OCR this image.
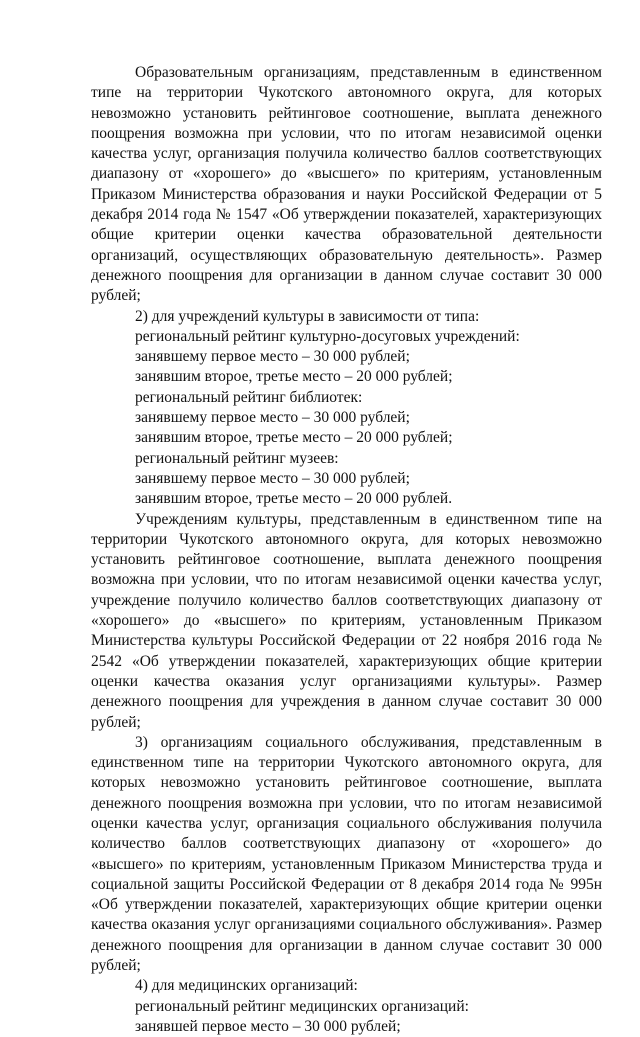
Образовательным организациям, представленным в единственном типе на территории Чукотского автономного округа, для которых невозможно установить рейтинговое соотношение, выплата денежного поощрения возможна при условии, что по итогам независимой оценки качества услуг, организация получила количество баллов соответствующих диапазону от «хорошего» до «высшего» по критериям, установленным Приказом Министерства образования и науки Российской Федерации от 5 декабря 2014 года № 1547 «Об утверждении показателей, характеризующих общие критерии оценки качества образовательной деятельности организаций, осуществляющих образовательную деятельность». Размер денежного поощрения для организации в данном случае составит 30 000 рублей;

2) для учреждений культуры в зависимости от типа:

региональный рейтинг культурно-досуговых учреждений:

занявшему первое место – 30 000 рублей;

занявшим второе, третье место – 20 000 рублей;

региональный рейтинг библиотек:

занявшему первое место – 30 000 рублей;

занявшим второе, третье место – 20 000 рублей;

региональный рейтинг музеев:

занявшему первое место – 30 000 рублей;

занявшим второе, третье место – 20 000 рублей.

Учреждениям культуры, представленным в единственном типе на территории Чукотского автономного округа, для которых невозможно установить рейтинговое соотношение, выплата денежного поощрения возможна при условии, что по итогам независимой оценки качества услуг, учреждение получило количество баллов соответствующих диапазону от «хорошего» до «высшего» по критериям, установленным Приказом Министерства культуры Российской Федерации от 22 ноября 2016 года № 2542 «Об утверждении показателей, характеризующих общие критерии оценки качества оказания услуг организациями культуры». Размер денежного поощрения для учреждения в данном случае составит 30 000 рублей;

3) организациям социального обслуживания, представленным в единственном типе на территории Чукотского автономного округа, для которых невозможно установить рейтинговое соотношение, выплата денежного поощрения возможна при условии, что по итогам независимой оценки качества услуг, организация социального обслуживания получила количество баллов соответствующих диапазону от «хорошего» до «высшего» по критериям, установленным Приказом Министерства труда и социальной защиты Российской Федерации от 8 декабря 2014 года № 995н «Об утверждении показателей, характеризующих общие критерии оценки качества оказания услуг организациями социального обслуживания». Размер денежного поощрения для организации в данном случае составит 30 000 рублей;

4) для медицинских организаций:

региональный рейтинг медицинских организаций:

занявшей первое место – 30 000 рублей;
